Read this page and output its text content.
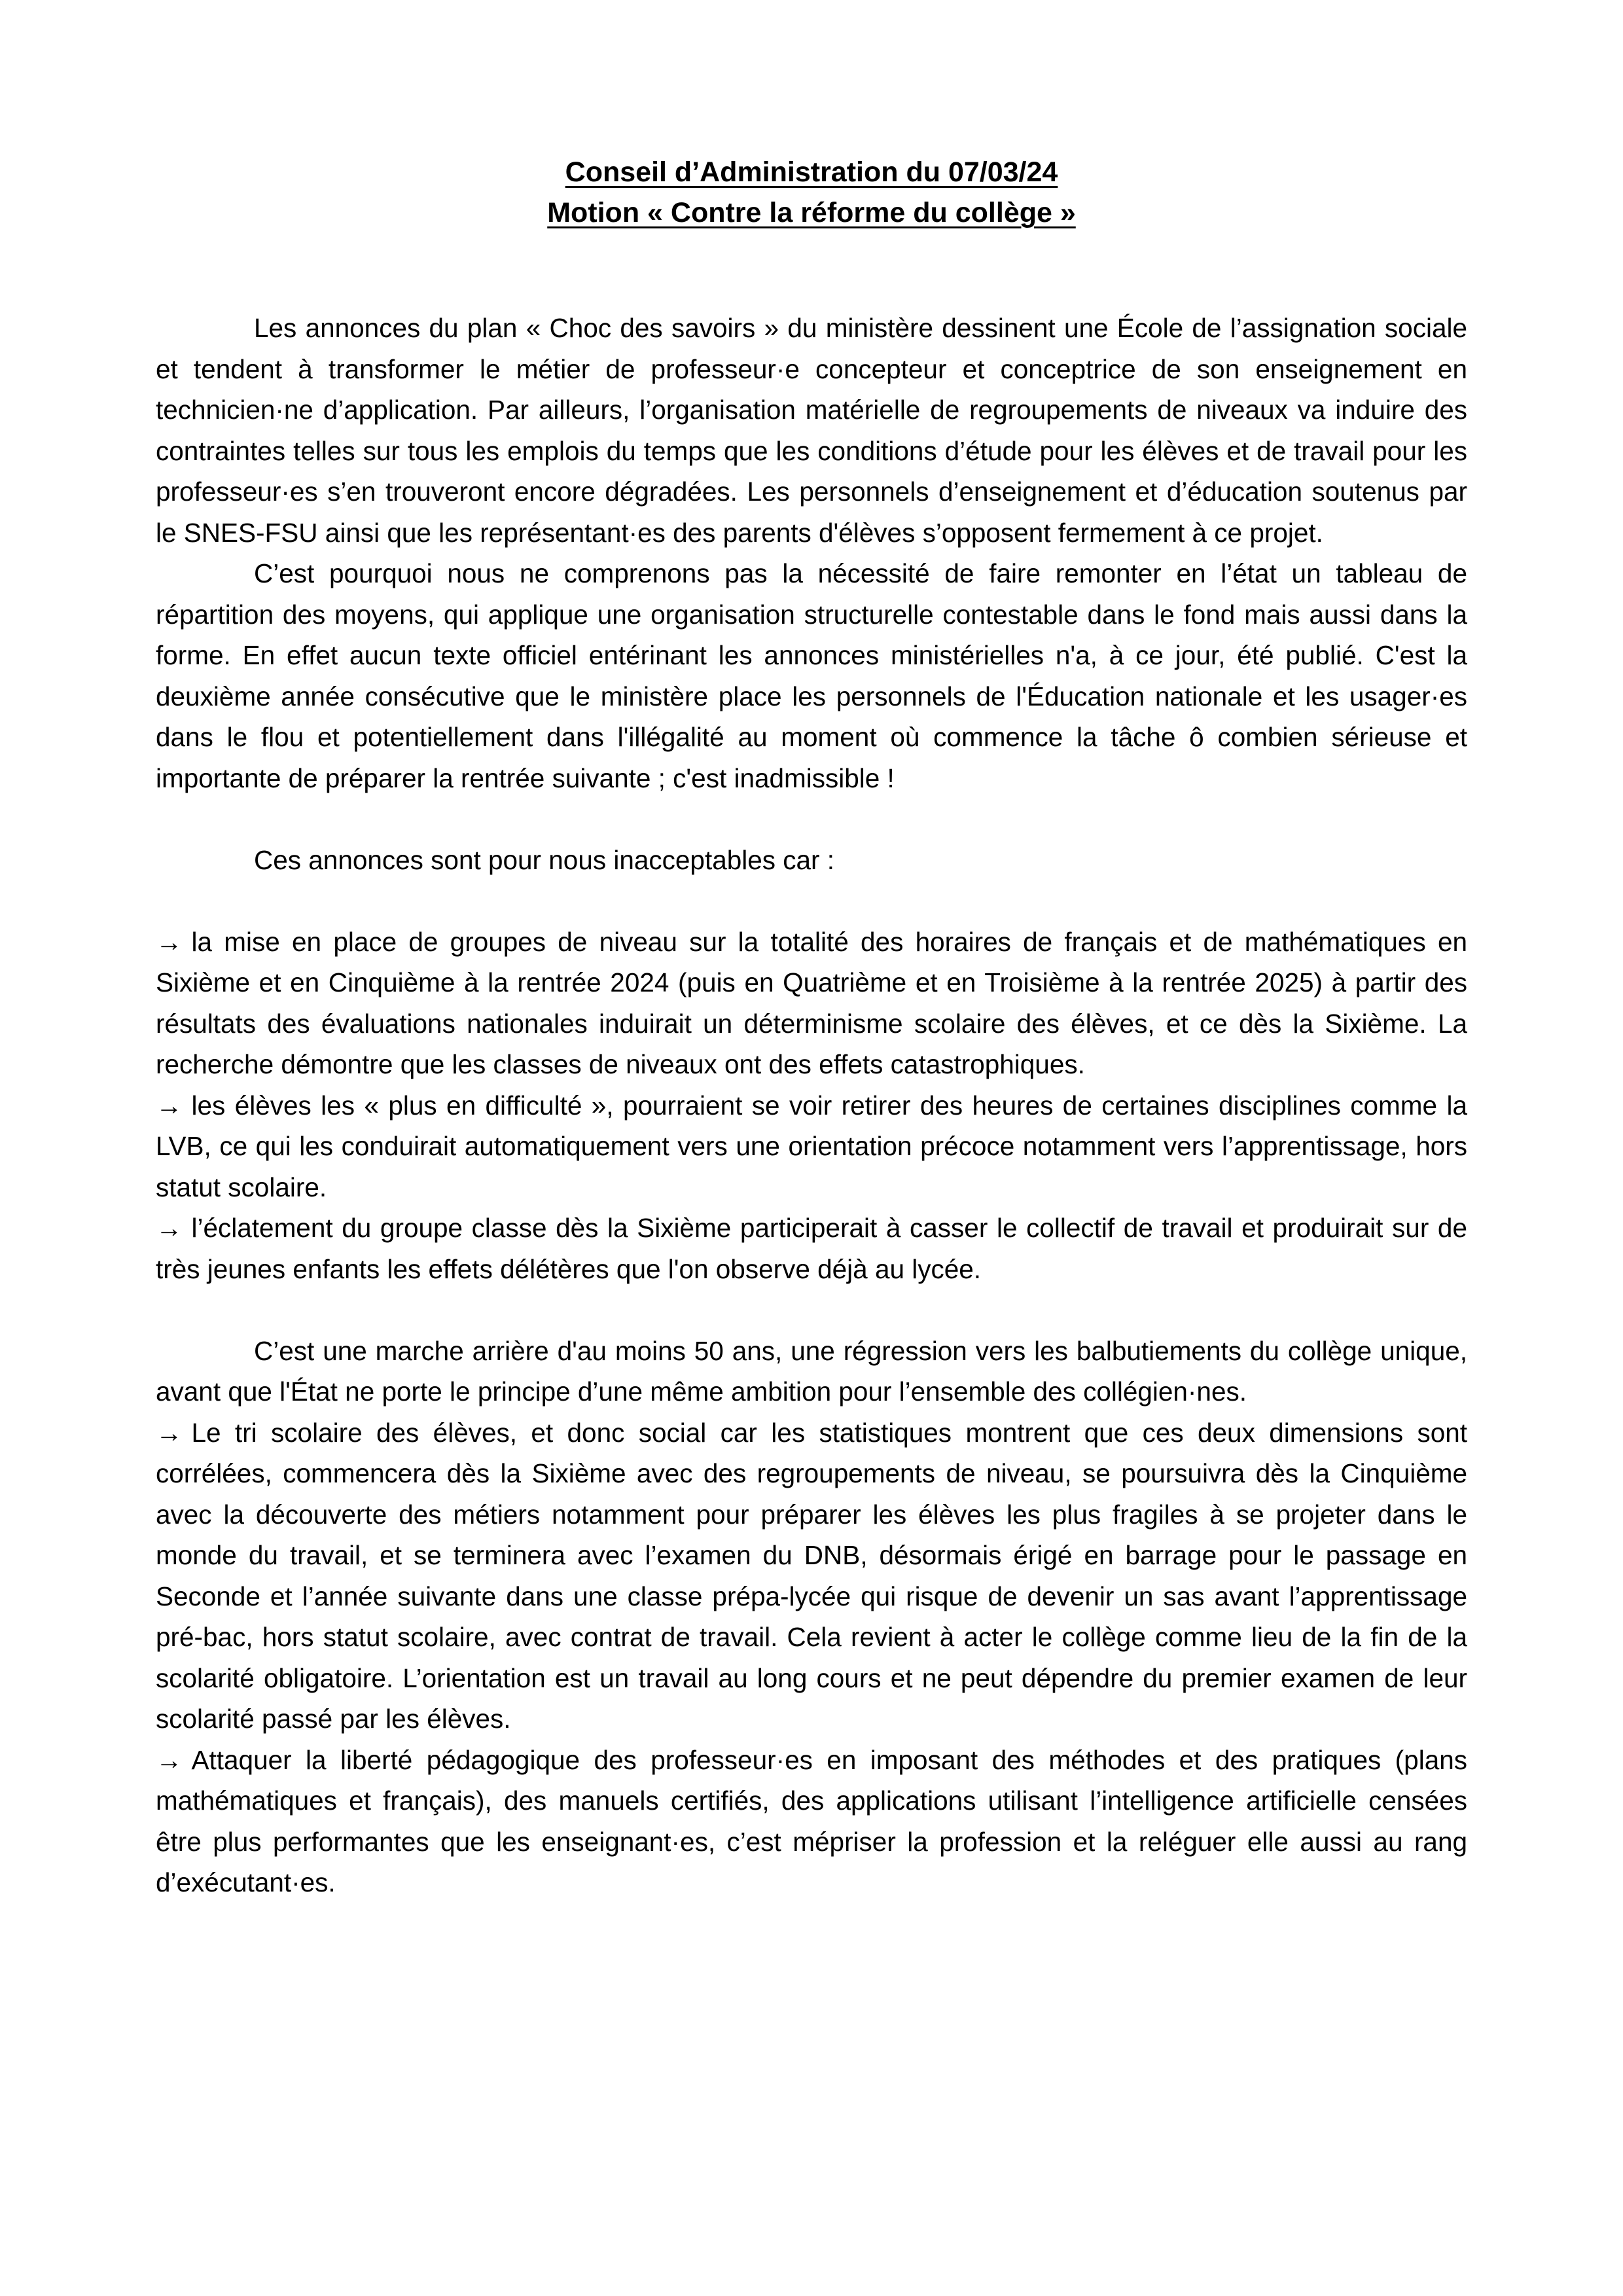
Conseil d’Administration du 07/03/24
Motion « Contre la réforme du collège »

Les annonces du plan « Choc des savoirs » du ministère dessinent une École de l’assignation sociale et tendent à transformer le métier de professeur·e concepteur et conceptrice de son enseignement en technicien·ne d’application. Par ailleurs, l’organisation matérielle de regroupements de niveaux va induire des contraintes telles sur tous les emplois du temps que les conditions d’étude pour les élèves et de travail pour les professeur·es s’en trouveront encore dégradées. Les personnels d’enseignement et d’éducation soutenus par le SNES-FSU ainsi que les représentant·es des parents d'élèves s’opposent fermement à ce projet.

C’est pourquoi nous ne comprenons pas la nécessité de faire remonter en l’état un tableau de répartition des moyens, qui applique une organisation structurelle contestable dans le fond mais aussi dans la forme. En effet aucun texte officiel entérinant les annonces ministérielles n'a, à ce jour, été publié. C'est la deuxième année consécutive que le ministère place les personnels de l'Éducation nationale et les usager·es dans le flou et potentiellement dans l'illégalité au moment où commence la tâche ô combien sérieuse et importante de préparer la rentrée suivante ; c'est inadmissible !

Ces annonces sont pour nous inacceptables car :

→ la mise en place de groupes de niveau sur la totalité des horaires de français et de mathématiques en Sixième et en Cinquième à la rentrée 2024 (puis en Quatrième et en Troisième à la rentrée 2025) à partir des résultats des évaluations nationales induirait un déterminisme scolaire des élèves, et ce dès la Sixième. La recherche démontre que les classes de niveaux ont des effets catastrophiques.

→ les élèves les « plus en difficulté », pourraient se voir retirer des heures de certaines disciplines comme la LVB, ce qui les conduirait automatiquement vers une orientation précoce notamment vers l’apprentissage, hors statut scolaire.

→ l’éclatement du groupe classe dès la Sixième participerait à casser le collectif de travail et produirait sur de très jeunes enfants les effets délétères que l'on observe déjà au lycée.

C’est une marche arrière d'au moins 50 ans, une régression vers les balbutiements du collège unique, avant que l'État ne porte le principe d’une même ambition pour l’ensemble des collégien·nes.

→ Le tri scolaire des élèves, et donc social car les statistiques montrent que ces deux dimensions sont corrélées, commencera dès la Sixième avec des regroupements de niveau, se poursuivra dès la Cinquième avec la découverte des métiers notamment pour préparer les élèves les plus fragiles à se projeter dans le monde du travail, et se terminera avec l’examen du DNB, désormais érigé en barrage pour le passage en Seconde et l’année suivante dans une classe prépa-lycée qui risque de devenir un sas avant l’apprentissage pré-bac, hors statut scolaire, avec contrat de travail. Cela revient à acter le collège comme lieu de la fin de la scolarité obligatoire. L’orientation est un travail au long cours et ne peut dépendre du premier examen de leur scolarité passé par les élèves.

→ Attaquer la liberté pédagogique des professeur·es en imposant des méthodes et des pratiques (plans mathématiques et français), des manuels certifiés, des applications utilisant l’intelligence artificielle censées être plus performantes que les enseignant·es, c’est mépriser la profession et la reléguer elle aussi au rang d’exécutant·es.
